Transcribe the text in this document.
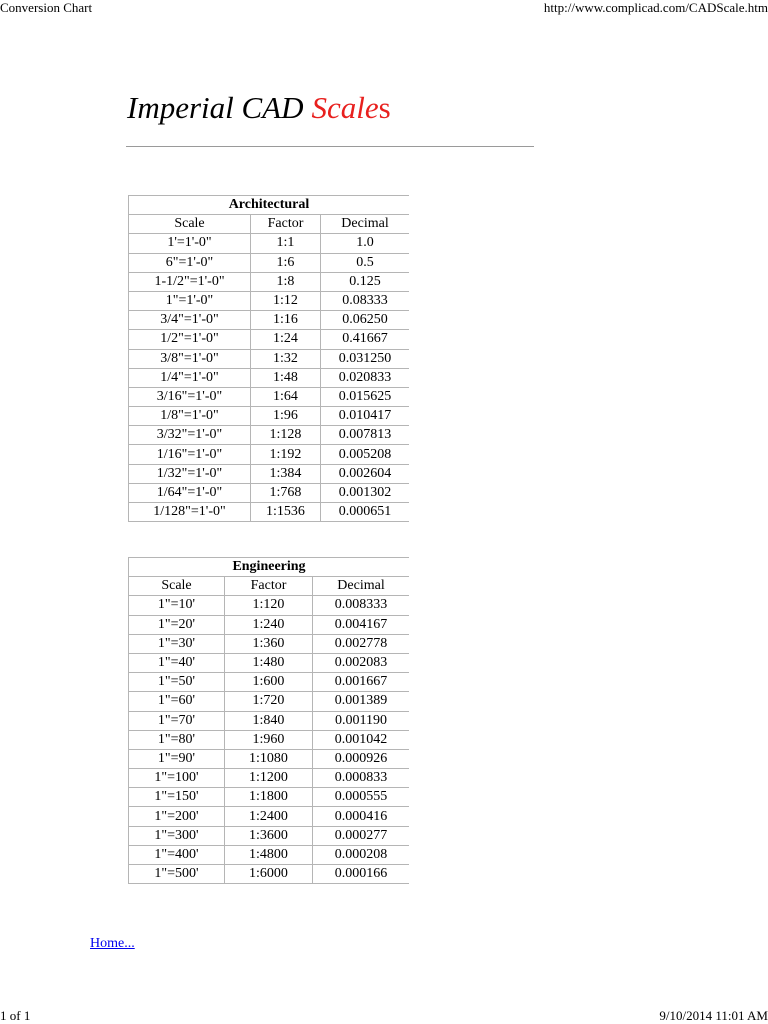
Conversion Chart	http://www.complicad.com/CADScale.htm
Imperial CAD Scales
Architectural		
Scale	Factor	Decimal
1'=1'-0"	1:1	1.0
6"=1'-0"	1:6	0.5
1-1/2"=1'-0"	1:8	0.125
1"=1'-0"	1:12	0.08333
3/4"=1'-0"	1:16	0.06250
1/2"=1'-0"	1:24	0.41667
3/8"=1'-0"	1:32	0.031250
1/4"=1'-0"	1:48	0.020833
3/16"=1'-0"	1:64	0.015625
1/8"=1'-0"	1:96	0.010417
3/32"=1'-0"	1:128	0.007813
1/16"=1'-0"	1:192	0.005208
1/32"=1'-0"	1:384	0.002604
1/64"=1'-0"	1:768	0.001302
1/128"=1'-0"	1:1536	0.000651
Engineering		
Scale	Factor	Decimal
1"=10'	1:120	0.008333
1"=20'	1:240	0.004167
1"=30'	1:360	0.002778
1"=40'	1:480	0.002083
1"=50'	1:600	0.001667
1"=60'	1:720	0.001389
1"=70'	1:840	0.001190
1"=80'	1:960	0.001042
1"=90'	1:1080	0.000926
1"=100'	1:1200	0.000833
1"=150'	1:1800	0.000555
1"=200'	1:2400	0.000416
1"=300'	1:3600	0.000277
1"=400'	1:4800	0.000208
1"=500'	1:6000	0.000166
Home...
1 of 1	9/10/2014 11:01 AM
